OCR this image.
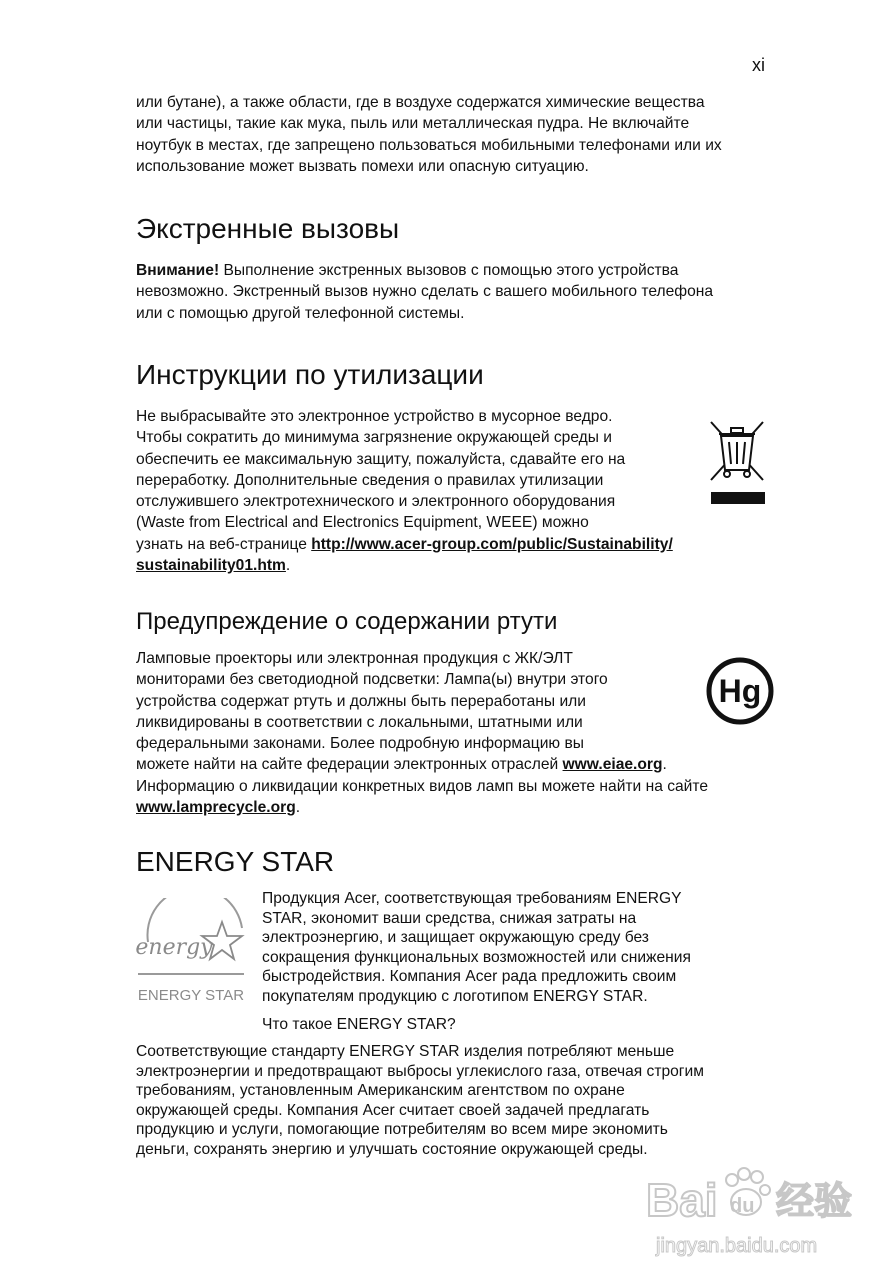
xi
или бутане), а также области, где в воздухе содержатся химические вещества
или частицы, такие как мука, пыль или металлическая пудра. Не включайте
ноутбук в местах, где запрещено пользоваться мобильными телефонами или их
использование может вызвать помехи или опасную ситуацию.
Экстренные вызовы
Внимание! Выполнение экстренных вызовов с помощью этого устройства
невозможно. Экстренный вызов нужно сделать с вашего мобильного телефона
или с помощью другой телефонной системы.
Инструкции по утилизации
Не выбрасывайте это электронное устройство в мусорное ведро.
Чтобы сократить до минимума загрязнение окружающей среды и
обеспечить ее максимальную защиту, пожалуйста, сдавайте его на
переработку. Дополнительные сведения о правилах утилизации
отслужившего электротехнического и электронного оборудования
(Waste from Electrical and Electronics Equipment, WEEE) можно
узнать на веб-странице http://www.acer-group.com/public/Sustainability/
sustainability01.htm.
Предупреждение о содержании ртути
Ламповые проекторы или электронная продукция с ЖК/ЭЛТ
мониторами без светодиодной подсветки: Лампа(ы) внутри этого
устройства содержат ртуть и должны быть переработаны или
ликвидированы в соответствии с локальными, штатными или
федеральными законами. Более подробную информацию вы
можете найти на сайте федерации электронных отраслей www.eiae.org.
Информацию о ликвидации конкретных видов ламп вы можете найти на сайте
www.lamprecycle.org.
Hg
ENERGY STAR
energy
ENERGY STAR
Продукция Acer, соответствующая требованиям ENERGY
STAR, экономит ваши средства, снижая затраты на
электроэнергию, и защищает окружающую среду без
сокращения функциональных возможностей или снижения
быстродействия. Компания Acer рада предложить своим
покупателям продукцию с логотипом ENERGY STAR.
Что такое ENERGY STAR?
Соответствующие стандарту ENERGY STAR изделия потребляют меньше
электроэнергии и предотвращают выбросы углекислого газа, отвечая строгим
требованиям, установленным Американским агентством по охране
окружающей среды. Компания Acer считает своей задачей предлагать
продукцию и услуги, помогающие потребителям во всем мире экономить
деньги, сохранять энергию и улучшать состояние окружающей среды.
Bai du 经验
jingyan.baidu.com
